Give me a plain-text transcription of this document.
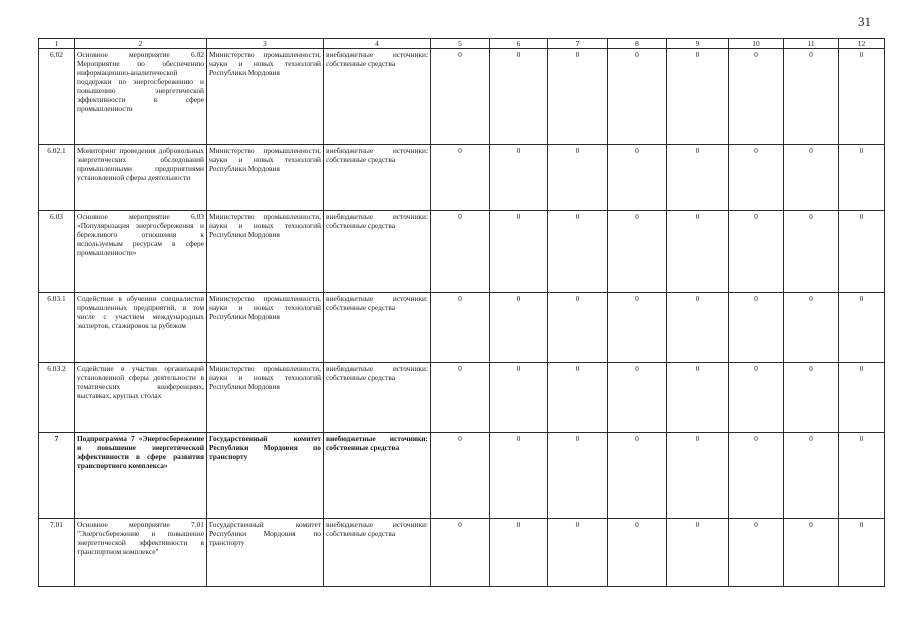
31
1	2	3	4	5	6	7	8	9	10	11	12
6.02	Основное мероприятие 6.02 Мероприятие по обеспечению информационно-аналитической поддержки по энергосбережению и повышению энергетической эффективности в сфере промышленности	Министерство промышленности, науки и новых технологий Республики Мордовия	внебюджетные источники: собственные средства	0	0	0	0	0	0	0	0
6.02.1	Мониторинг проведения добровольных энергетических обследований промышленными предприятиями установленной сферы деятельности	Министерство промышленности, науки и новых технологий Республики Мордовия	внебюджетные источники: собственные средства	0	0	0	0	0	0	0	0
6.03	Основное мероприятие 6.03 «Популяризация энергосбережения и бережливого отношения к используемым ресурсам в сфере промышленности»	Министерство промышленности, науки и новых технологий Республики Мордовия	внебюджетные источники: собственные средства	0	0	0	0	0	0	0	0
6.03.1	Содействие в обучении специалистов промышленных предприятий, в том числе с участием международных экспертов, стажировок за рубежом	Министерство промышленности, науки и новых технологий Республики Мордовия	внебюджетные источники: собственные средства	0	0	0	0	0	0	0	0
6.03.2	Содействие в участии организаций установленной сферы деятельности в тематических конференциях, выставках, круглых столах	Министерство промышленности, науки и новых технологий Республики Мордовия	внебюджетные источники: собственные средства	0	0	0	0	0	0	0	0
7	Подпрограмма 7 «Энергосбережение и повышение энергетической эффективности в сфере развития транспортного комплекса»	Государственный комитет Республики Мордовия по транспорту	внебюджетные источники: собственные средства	0	0	0	0	0	0	0	0
7.01	Основное мероприятие 7.01 "Энергосбережение и повышение энергетической эффективности в транспортном комплексе"	Государственный комитет Республики Мордовия по транспорту	внебюджетные источники: собственные средства	0	0	0	0	0	0	0	0
